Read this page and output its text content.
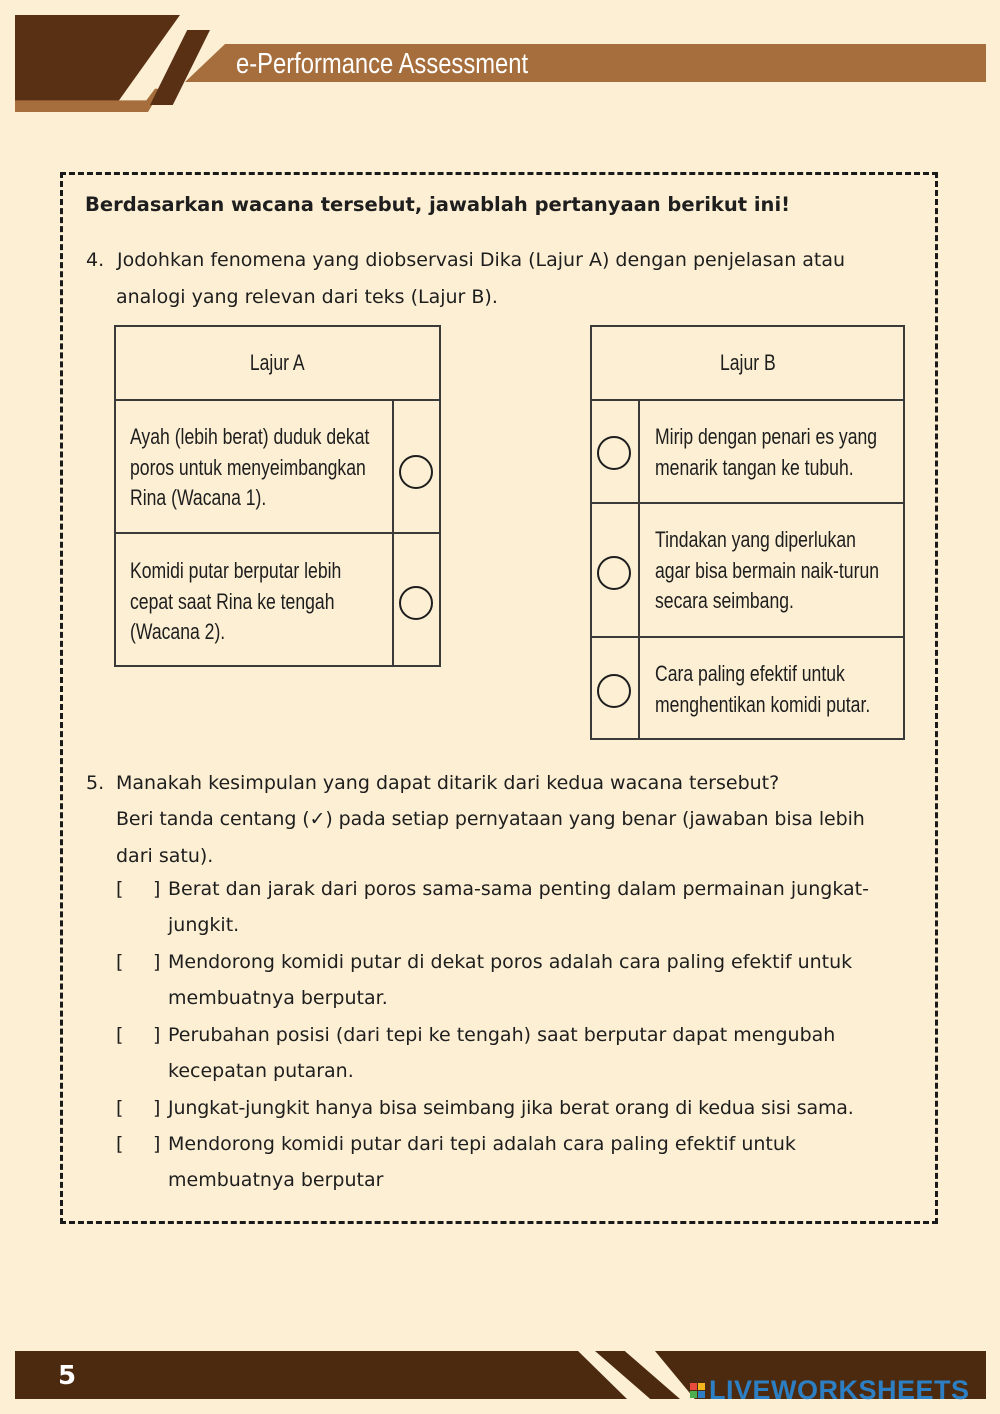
e-Performance Assessment
Berdasarkan wacana tersebut, jawablah pertanyaan berikut ini!
4. Jodohkan fenomena yang diobservasi Dika (Lajur A) dengan penjelasan atau
analogi yang relevan dari teks (Lajur B).
Lajur A
Ayah (lebih berat) duduk dekat
poros untuk menyeimbangkan
Rina (Wacana 1).
Komidi putar berputar lebih
cepat saat Rina ke tengah
(Wacana 2).
Lajur B
Mirip dengan penari es yang
menarik tangan ke tubuh.
Tindakan yang diperlukan
agar bisa bermain naik-turun
secara seimbang.
Cara paling efektif untuk
menghentikan komidi putar.
5. Manakah kesimpulan yang dapat ditarik dari kedua wacana tersebut?
Beri tanda centang (✓) pada setiap pernyataan yang benar (jawaban bisa lebih
dari satu).
[ ] Berat dan jarak dari poros sama-sama penting dalam permainan jungkat-
jungkit.
[ ] Mendorong komidi putar di dekat poros adalah cara paling efektif untuk
membuatnya berputar.
[ ] Perubahan posisi (dari tepi ke tengah) saat berputar dapat mengubah
kecepatan putaran.
[ ] Jungkat-jungkit hanya bisa seimbang jika berat orang di kedua sisi sama.
[ ] Mendorong komidi putar dari tepi adalah cara paling efektif untuk
membuatnya berputar
5	LIVEWORKSHEETS
